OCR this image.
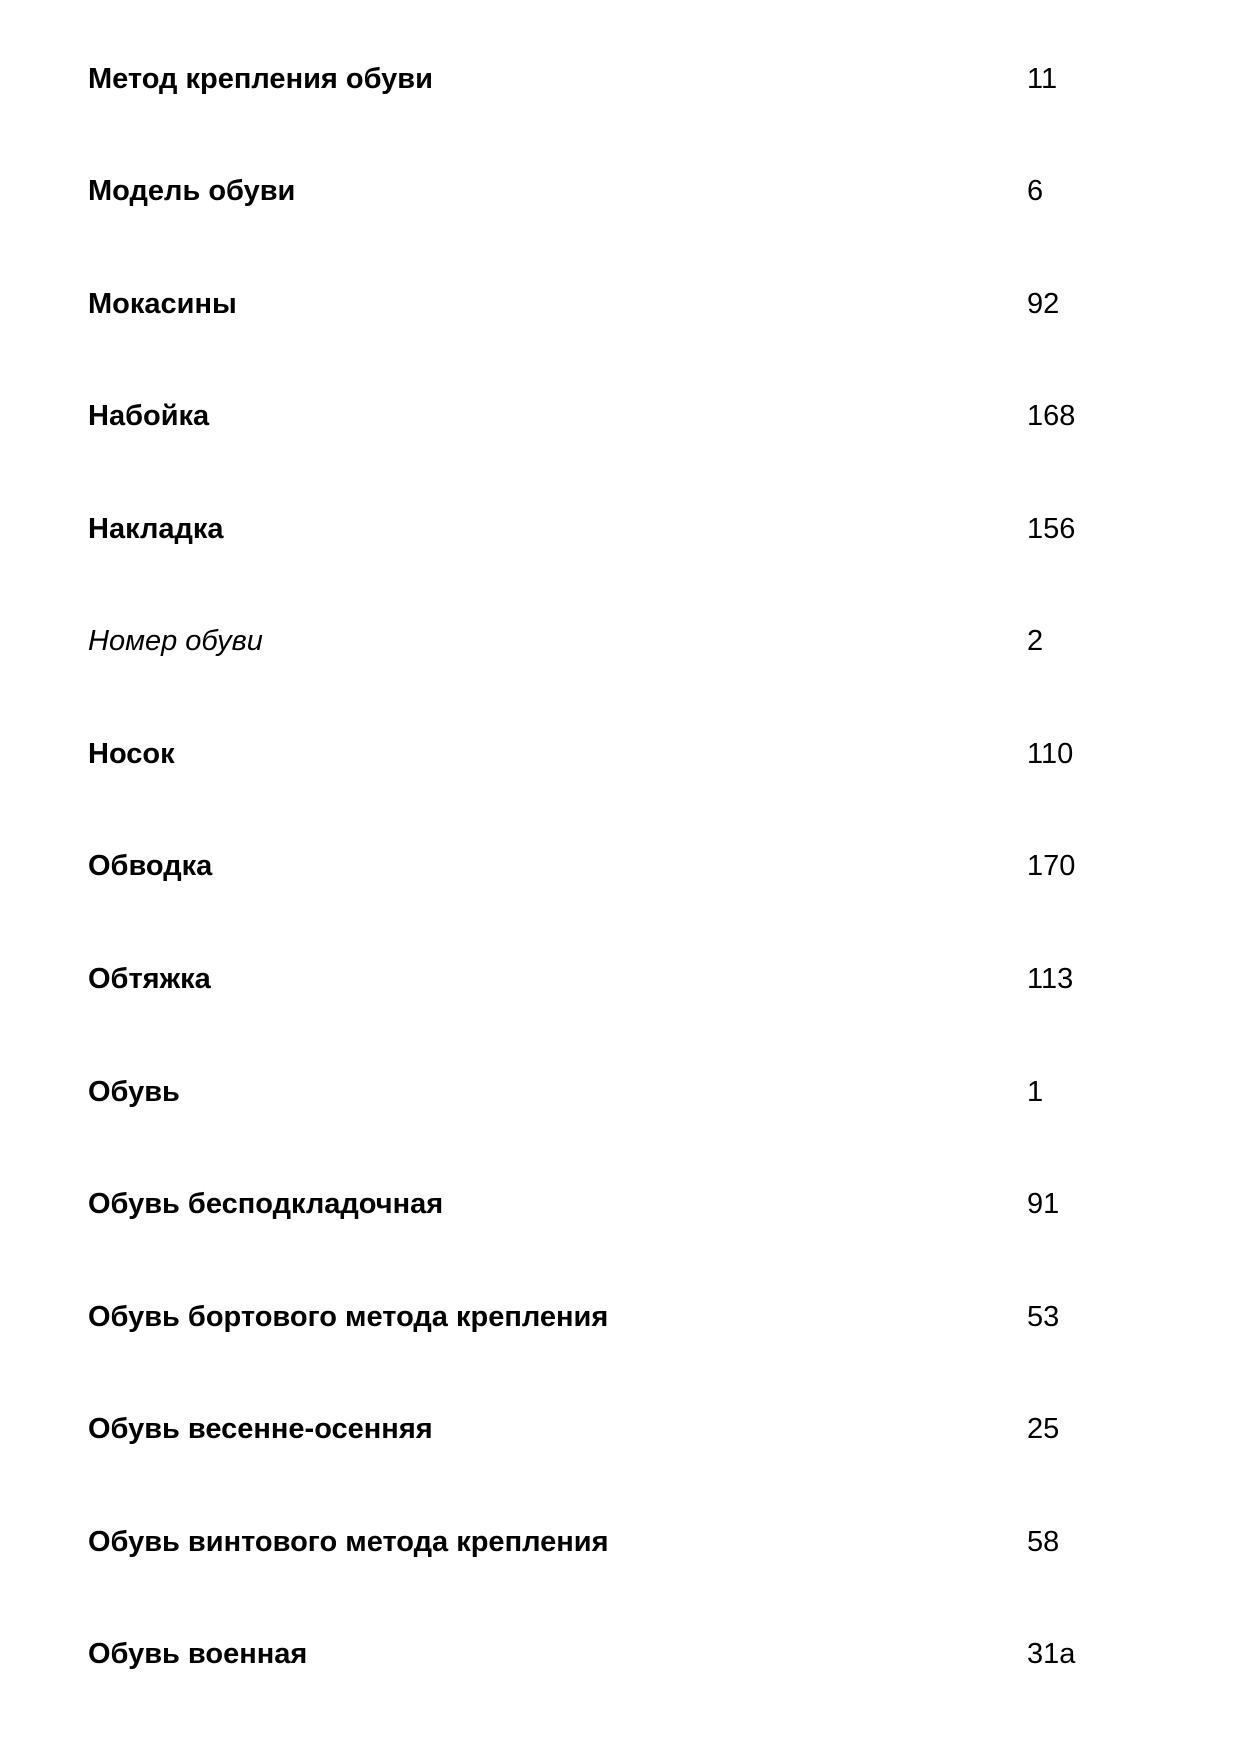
Метод крепления обуви	11
Модель обуви	6
Мокасины	92
Набойка	168
Накладка	156
Номер обуви	2
Носок	110
Обводка	170
Обтяжка	113
Обувь	1
Обувь бесподкладочная	91
Обувь бортового метода крепления	53
Обувь весенне-осенняя	25
Обувь винтового метода крепления	58
Обувь военная	31а
